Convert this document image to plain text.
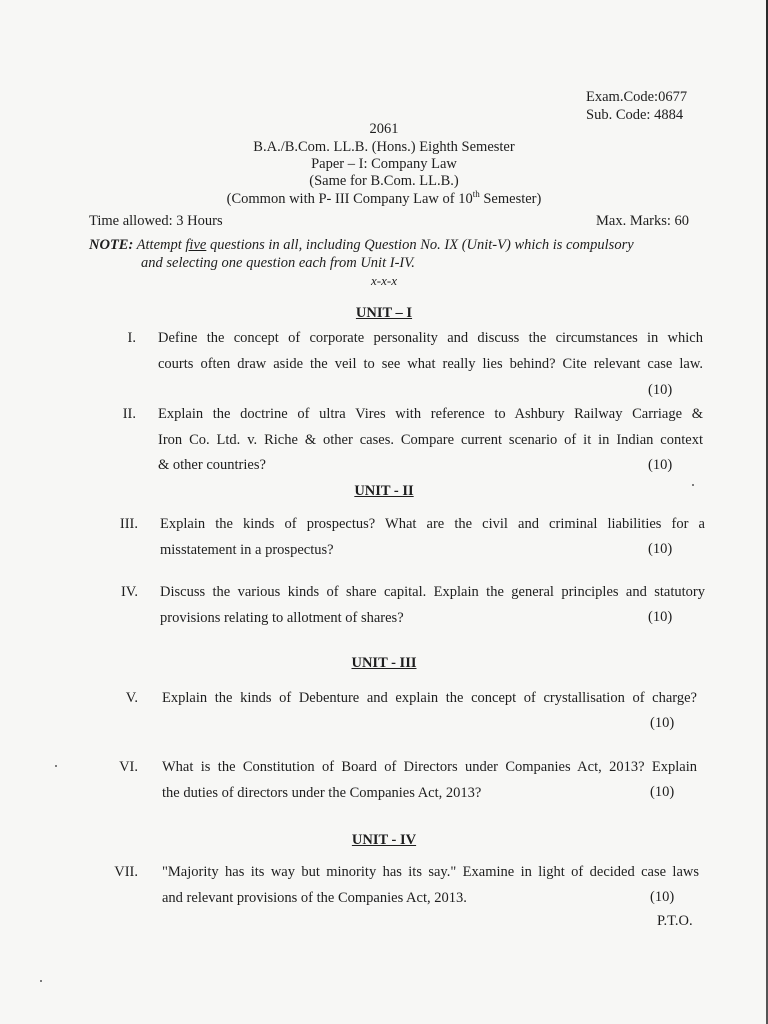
Exam.Code:0677
Sub. Code: 4884
2061
B.A./B.Com. LL.B. (Hons.) Eighth Semester
Paper – I: Company Law
(Same for B.Com. LL.B.)
(Common with P- III Company Law of 10th Semester)
Time allowed: 3 Hours	Max. Marks: 60
NOTE: Attempt five questions in all, including Question No. IX (Unit-V) which is compulsory
and selecting one question each from Unit I-IV.
x-x-x
UNIT – I
I. Define the concept of corporate personality and discuss the circumstances in which
courts often draw aside the veil to see what really lies behind? Cite relevant case law.
(10)
II. Explain the doctrine of ultra Vires with reference to Ashbury Railway Carriage &
Iron Co. Ltd. v. Riche & other cases. Compare current scenario of it in Indian context
& other countries?	(10)
UNIT - II
III. Explain the kinds of prospectus? What are the civil and criminal liabilities for a
misstatement in a prospectus?	(10)
IV. Discuss the various kinds of share capital. Explain the general principles and statutory
provisions relating to allotment of shares?	(10)
UNIT - III
V. Explain the kinds of Debenture and explain the concept of crystallisation of charge?
(10)
VI. What is the Constitution of Board of Directors under Companies Act, 2013? Explain
the duties of directors under the Companies Act, 2013?	(10)
UNIT - IV
VII. "Majority has its way but minority has its say." Examine in light of decided case laws
and relevant provisions of the Companies Act, 2013.	(10)
P.T.O.
